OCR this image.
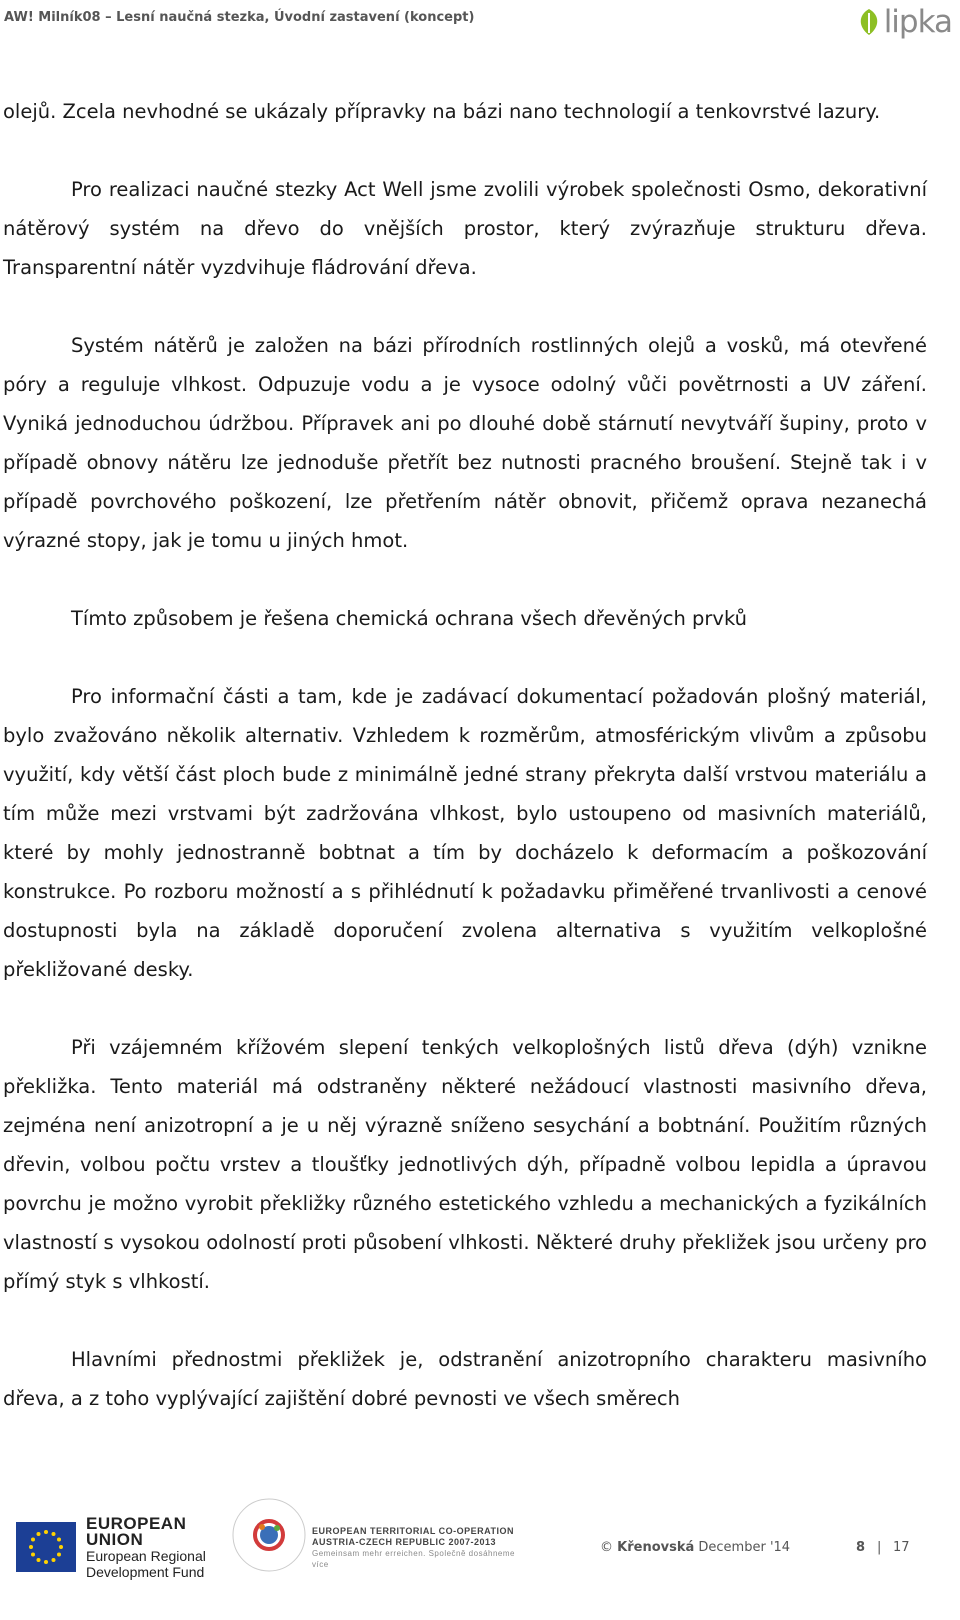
AW! Milník08 – Lesní naučná stezka, Úvodní zastavení (koncept)	lipka

olejů. Zcela nevhodné se ukázaly přípravky na bázi nano technologií a tenkovrstvé lazury.

Pro realizaci naučné stezky Act Well jsme zvolili výrobek společnosti Osmo, dekorativní nátěrový systém na dřevo do vnějších prostor, který zvýrazňuje strukturu dřeva. Transparentní nátěr vyzdvihuje fládrování dřeva.

Systém nátěrů je založen na bázi přírodních rostlinných olejů a vosků, má otevřené póry a reguluje vlhkost. Odpuzuje vodu a je vysoce odolný vůči povětrnosti a UV záření. Vyniká jednoduchou údržbou. Přípravek ani po dlouhé době stárnutí nevytváří šupiny, proto v případě obnovy nátěru lze jednoduše přetřít bez nutnosti pracného broušení. Stejně tak i v případě povrchového poškození, lze přetřením nátěr obnovit, přičemž oprava nezanechá výrazné stopy, jak je tomu u jiných hmot.

Tímto způsobem je řešena chemická ochrana všech dřevěných prvků

Pro informační části a tam, kde je zadávací dokumentací požadován plošný materiál, bylo zvažováno několik alternativ. Vzhledem k rozměrům, atmosférickým vlivům a způsobu využití, kdy větší část ploch bude z minimálně jedné strany překryta další vrstvou materiálu a tím může mezi vrstvami být zadržována vlhkost, bylo ustoupeno od masivních materiálů, které by mohly jednostranně bobtnat a tím by docházelo k deformacím a poškozování konstrukce. Po rozboru možností a s přihlédnutí k požadavku přiměřené trvanlivosti a cenové dostupnosti byla na základě doporučení zvolena alternativa s využitím velkoplošné překližované desky.

Při vzájemném křížovém slepení tenkých velkoplošných listů dřeva (dýh) vznikne překližka. Tento materiál má odstraněny některé nežádoucí vlastnosti masivního dřeva, zejména není anizotropní a je u něj výrazně sníženo sesychání a bobtnání. Použitím různých dřevin, volbou počtu vrstev a tloušťky jednotlivých dýh, případně volbou lepidla a úpravou povrchu je možno vyrobit překližky různého estetického vzhledu a mechanických a fyzikálních vlastností s vysokou odolností proti působení vlhkosti. Některé druhy překližek jsou určeny pro přímý styk s vlhkostí.

Hlavními přednostmi překližek je, odstranění anizotropního charakteru masivního dřeva, a z toho vyplývající zajištění dobré pevnosti ve všech směrech

EUROPEAN UNION
European Regional
Development Fund
EUROPEAN TERRITORIAL CO-OPERATION
AUSTRIA-CZECH REPUBLIC 2007-2013
Gemeinsam mehr erreichen. Společně dosáhneme více
© Křenovská December '14	8 | 17
